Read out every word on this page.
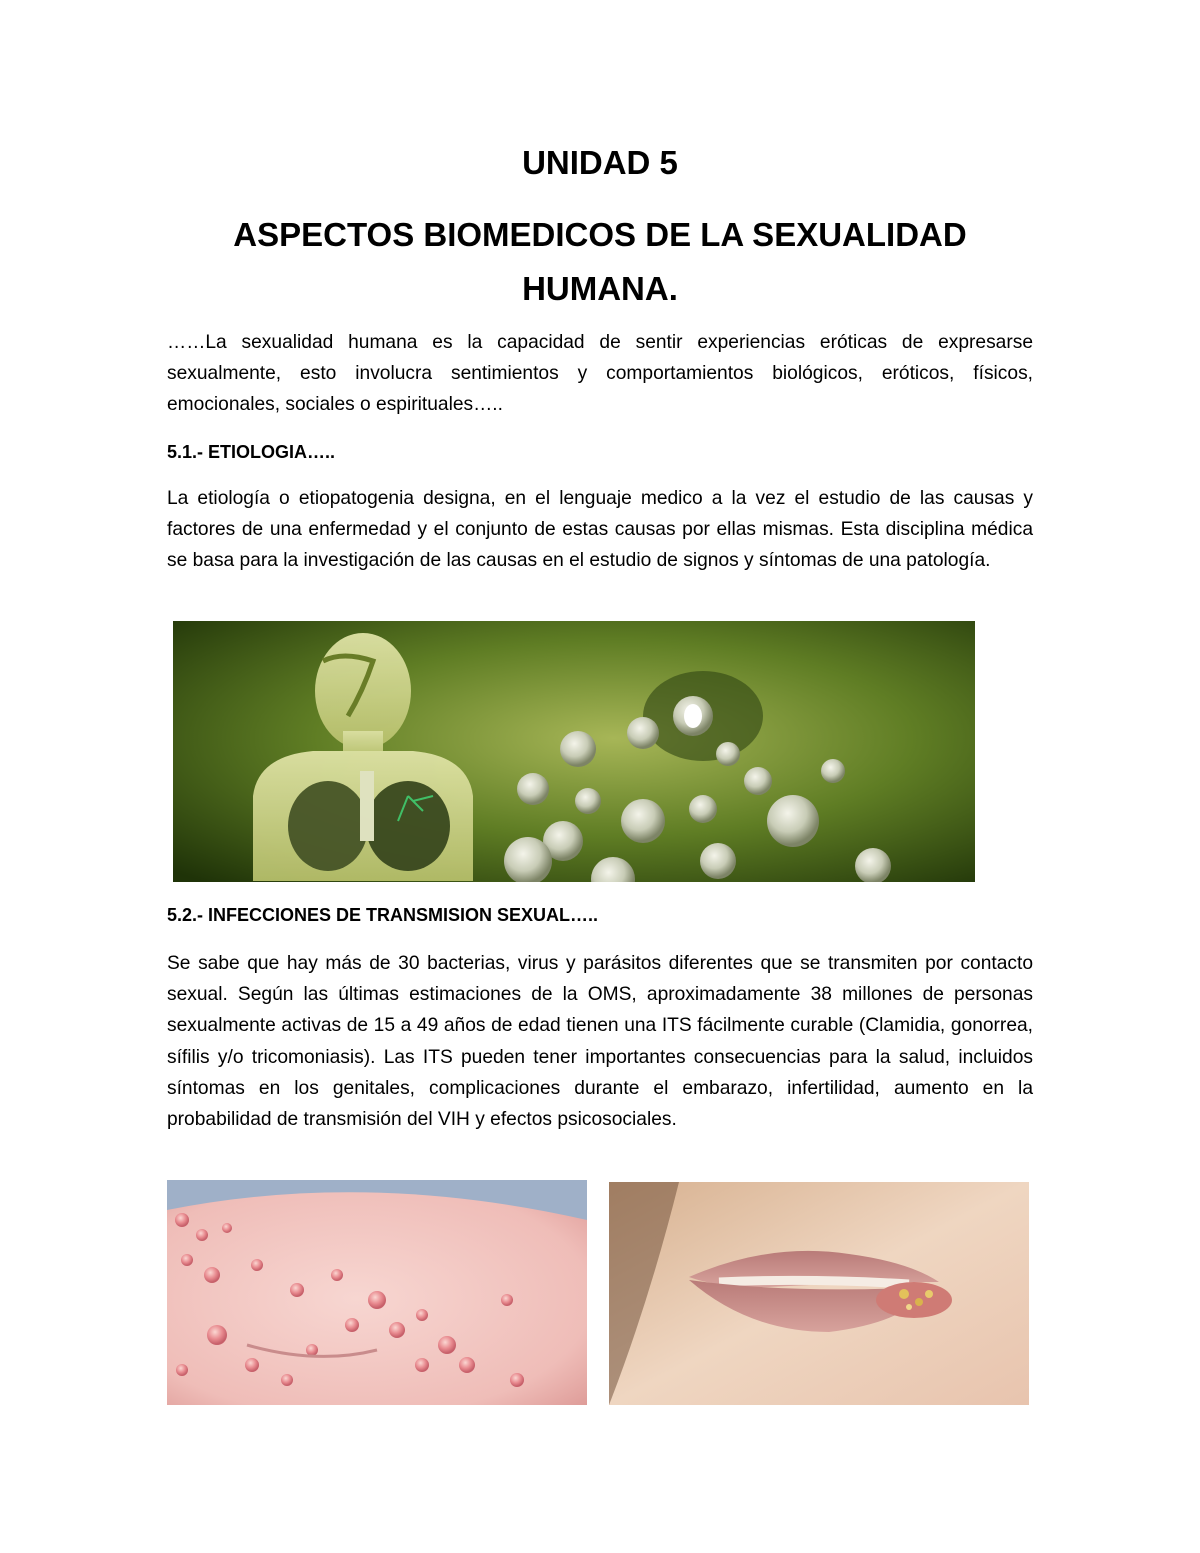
UNIDAD 5
ASPECTOS BIOMEDICOS DE LA SEXUALIDAD
HUMANA.

……La sexualidad humana es la capacidad de sentir experiencias eróticas de expresarse sexualmente, esto involucra sentimientos y comportamientos biológicos, eróticos, físicos, emocionales, sociales o espirituales…..

5.1.- ETIOLOGIA…..

La etiología o etiopatogenia designa, en el lenguaje medico a la vez el estudio de las causas y factores de una enfermedad y el conjunto de estas causas por ellas mismas. Esta disciplina médica se basa para la investigación de las causas en el estudio de signos y síntomas de una patología.

5.2.- INFECCIONES DE TRANSMISION SEXUAL…..

Se sabe que hay más de 30 bacterias, virus y parásitos diferentes que se transmiten por contacto sexual. Según las últimas estimaciones de la OMS, aproximadamente 38 millones de personas sexualmente activas de 15 a 49 años de edad tienen una ITS fácilmente curable (Clamidia, gonorrea, sífilis y/o tricomoniasis). Las ITS pueden tener importantes consecuencias para la salud, incluidos síntomas en los genitales, complicaciones durante el embarazo, infertilidad, aumento en la probabilidad de transmisión del VIH y efectos psicosociales.
